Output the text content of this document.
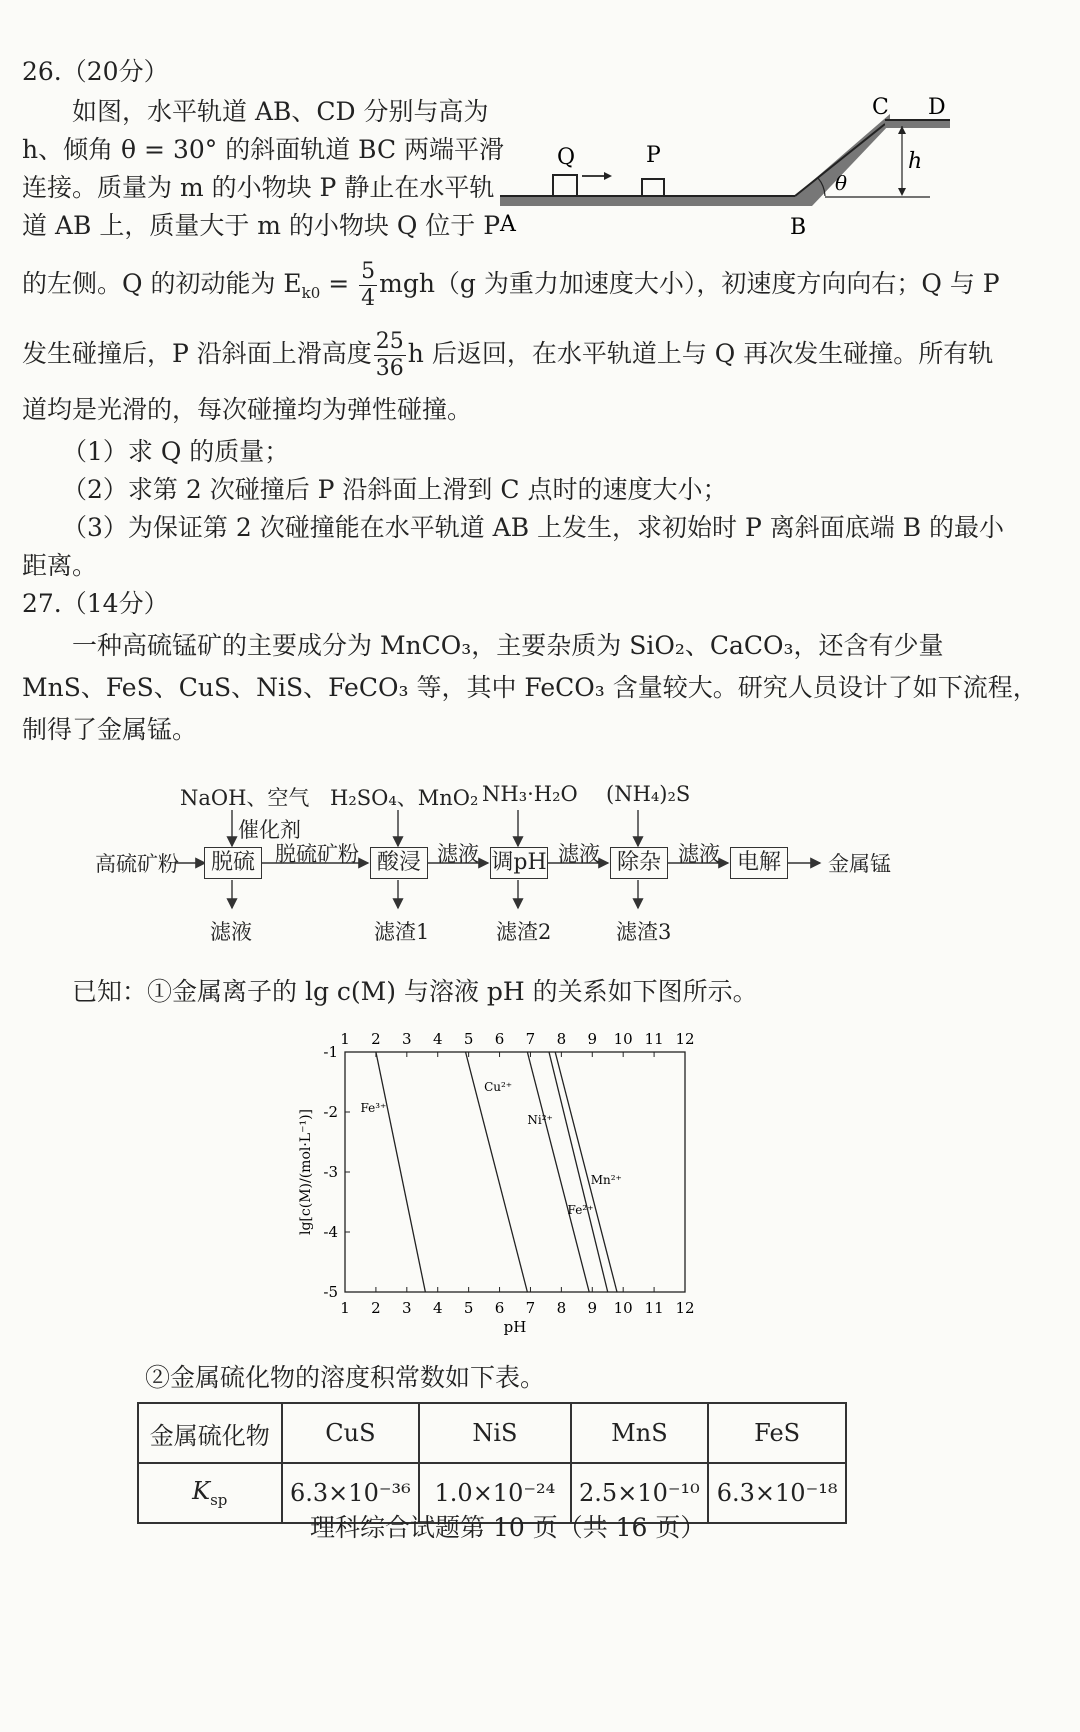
26.（20分）
如图，水平轨道 AB、CD 分别与高为
h、倾角 θ = 30° 的斜面轨道 BC 两端平滑
连接。质量为 m 的小物块 P 静止在水平轨
道 AB 上，质量大于 m 的小物块 Q 位于 P A	B
C D
Q	P	h
θ
的左侧。Q 的初动能为 $E_{k0} = \frac{5}{4} mgh(g$ 为重力加速度大小），初速度方向向右；Q 与 P
发生碰撞后，P 沿斜面上滑高度 $\frac{25}{36}$ h 后返回，在水平轨道上与 Q 再次发生碰撞。所有轨
道均是光滑的，每次碰撞均为弹性碰撞。
（1）求 Q 的质量；
（2）求第 2 次碰撞后 P 沿斜面上滑到 C 点时的速度大小；
（3）为保证第 2 次碰撞能在水平轨道 AB 上发生，求初始时 P 离斜面底端 B 的最小
距离。
27.（14分）
一种高硫锰矿的主要成分为 MnCO₃，主要杂质为 SiO₂、CaCO₃，还含有少量
MnS、FeS、CuS、NiS、FeCO₃ 等，其中 FeCO₃ 含量较大。研究人员设计了如下流程，
制得了金属锰。
高硫矿粉
NaOH、空气
催化剂
脱硫
滤液
脱硫矿粉
H₂SO₄、MnO₂
酸浸
滤渣1
滤液
NH₃·H₂O
调pH
滤渣2
滤液
(NH₄)₂S
除杂
滤渣3
滤液 电解	金属锰
已知：①金属离子的 lg c(M) 与溶液 pH 的关系如下图所示。
1
1
2
2
3
3
4
4
5
5
6
6
7
7
8
8
9
9
10
10
11
11
12
12
-1
-2
-3
-4
-5
pH
lg[c(M)/(mol·L⁻¹)]
Fe³⁺
Cu²⁺
Ni²⁺
Fe²⁺
Mn²⁺
②金属硫化物的溶度积常数如下表。
金属硫化物	CuS	NiS	MnS	FeS
$K_{sp}$	6.3×10⁻³⁶	1.0×10⁻²⁴	2.5×10⁻¹⁰	6.3×10⁻¹⁸
理科综合试题第 10 页（共 16 页）
